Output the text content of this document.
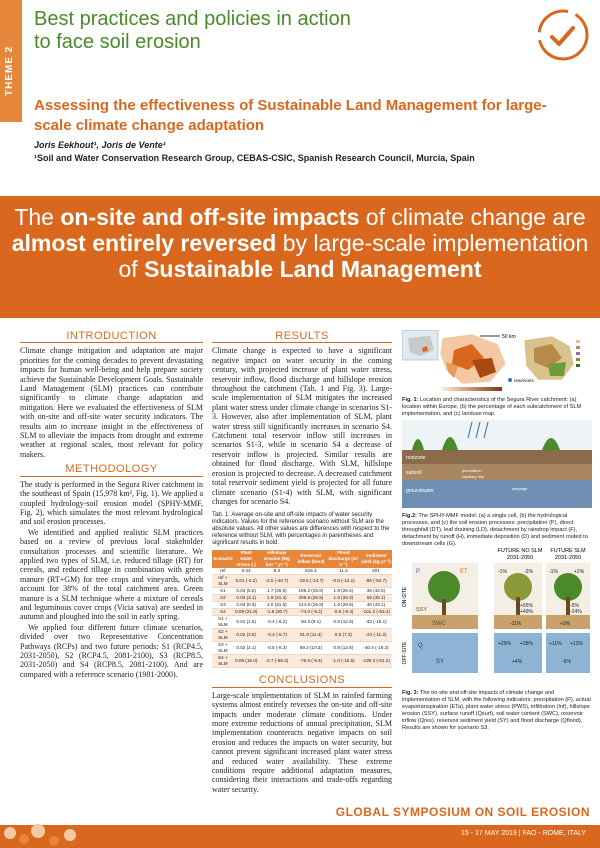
THEME 2
Best practices and policies in action
to face soil erosion
Assessing the effectiveness of Sustainable Land Management for large-scale climate change adaptation
Joris Eekhout¹, Joris de Vente¹
¹Soil and Water Conservation Research Group, CEBAS-CSIC, Spanish Research Council, Murcia, Spain
The on-site and off-site impacts of climate change are almost entirely reversed by large-scale implementation of Sustainable Land Management
INTRODUCTION
Climate change mitigation and adaptation are major priorities for the coming decades to prevent devastating impacts for human well-being and help prepare society achieve the Sustainable Development Goals. Sustainable Land Management (SLM) practices can contribute significantly to climate change adaptation and mitigation. Here we evaluated the effectiveness of SLM with on-site and off-site water security indicators. The results aim to increase insight in the effectiveness of SLM to alleviate the impacts from drought and extreme weather at regional scales, most relevant for policy makers.
METHODOLOGY
The study is performed in the Segura River catchment in the southeast of Spain (15,978 km², Fig. 1). We applied a coupled hydrology-soil erosion model (SPHY-MMF, Fig. 2), which simulates the most relevant hydrological and soil erosion processes.
We identified and applied realistic SLM practices based on a review of previous local stakeholder consultation processes and scientific literature. We applied two types of SLM, i.e. reduced tillage (RT) for cereals, and reduced tillage in combination with green manure (RT+GM) for tree crops and vineyards, which account for 38% of the total catchment area. Green manure is a SLM technique where a mixture of cereals and leguminous cover crops (Vicia sativa) are seeded in autumn and ploughed into the soil in early spring.
We applied four different future climate scenarios, divided over two Representative Concentration Pathways (RCPs) and two future periods: S1 (RCP4.5, 2031-2050), S2 (RCP4.5, 2081-2100), S3 (RCP8.5, 2031-2050) and S4 (RCP8.5, 2081-2100). And are compared with a reference scenario (1981-2000).
RESULTS
Climate change is expected to have a significant negative impact on water security in the coming century, with projected increase of plant water stress, reservoir inflow, flood discharge and hillslope erosion throughout the catchment (Tab. 1 and Fig. 3). Large-scale implementation of SLM mitigates the increased plant water stress under climate change in scenarios S1-3. However, also after implementation of SLM, plant water stress still significantly increases in scenario S4. Catchment total reservoir inflow still increases in scenarios S1-3, while in scenario S4 a decrease of reservoir inflow is projected. Similar results are obtained for flood discharge. With SLM, hillslope erosion is projected to decrease. A decreased catchment total reservoir sediment yield is projected for all future climate scenario (S1-4) with SLM, with significant changes for scenario S4.
Tab. 1: Average on-site and off-site impacts of water security indicators. Values for the reference scenario without SLM are the absolute values. All other values are differences with respect to the reference without SLM, with percentages in parentheses and significant results in bold.
Scenario	Plant water stress (-)	Hillslope erosion (Mg km⁻² yr⁻¹)	Reservoir inflow (hm3)	Flood discharge (m³ s⁻¹)	Sediment yield (kg yr⁻¹)
ref	0.44	6.3	815.4	11.2	201
ref + SLM	0.01 (-4.2)	-2.5 (-40.7)	-19.5 (-14.7)	-0.8 (-12.1)	-96 (-54.7)
S1	0.04 (5.5)	1.7 (26.5)	199.3 (25.6)	1.9 (29.4)	36 (42.5)
S2	0.03 (3.1)	1.9 (31.4)	209.8 (26.5)	1.8 (28.3)	55 (40.1)
S3	0.04 (5.9)	2.0 (31.6)	214.8 (26.8)	1.9 (29.8)	40 (43.1)
S4	0.09 (21.8)	-1.8 (30.7)	-74.0 (-9.2)	-0.6 (-9.4)	-101.2 (-53.4)
S1 + SLM	0.01 (1.6)	-0.4 (-6.2)	94.3 (9.1)	0.8 (12.6)	-33 (-15.1)
S2 + SLM	0.02 (3.6)	-0.4 (-5.7)	91.9 (11.4)	0.6 (7.3)	-24 (-11.2)
S3 + SLM	0.02 (2.1)	-0.5 (-8.3)	69.3 (10.3)	0.8 (12.6)	-40.4 (-19.3)
S4 + SLM	0.08 (19.0)	-3.7 (-58.3)	-76.5 (-9.4)	-1.0 (-15.5)	-130.3 (-61.2)
CONCLUSIONS
Large-scale implementation of SLM in rainfed farming systems almost entirely reverses the on-site and off-site impacts under moderate climate conditions. Under more extreme reductions of annual precipitation, SLM implementation counteracts negative impacts on soil erosion and reduces the impacts on water security, but cannot prevent significant increased plant water stress and reduced water availability. These extreme conditions require additional adaptation measures, considering their interactions and trade-offs regarding water security.
50 km
reservoirs
Fig. 1: Location and characteristics of the Segura River catchment: (a) location within Europe, (b) the percentage of each subcatchment of SLM implementation, and (c) landuse map.
rootzone
subsoil
groundwater
percolation
capillary rise
seepage
Fig.2: The SPHY-MMF model: (a) a single cell, (b) the hydrological processes, and (c) the soil erosion processes: precipitation (P), direct throughfall (DT), leaf draining (LD), detachment by raindrop impact (F), detachment by runoff (H), immediate deposition (D) and sediment routed to downstream cells (G).
FUTURE NO SLM
2031-2050
FUTURE SLM
2031-2050
P	ET
SSY
SWC
Q
SY
ON-SITE
OFF-SITE
-1%	-2%
+55%
+49%
-11%
+29% +38%
+4%
-1%	+2%
-5%
-24%
+3%
+11% +13%
-6%
Fig. 3: The on-site and off-site impacts of climate change and implementation of SLM, with the following indicators: precipitation (P), actual evapotranspiration (ETa), plant water stress (PWS), infiltration (Inf), hillslope erosion (SSY), surface runoff (Qsurf), soil water content (SWC), reservoir inflow (Qres), reservoir sediment yield (SY) and flood discharge (Qflood). Results are shown for scenario S3.
GLOBAL SYMPOSIUM ON SOIL EROSION
15 - 17 MAY 2019 | FAO - ROME, ITALY
